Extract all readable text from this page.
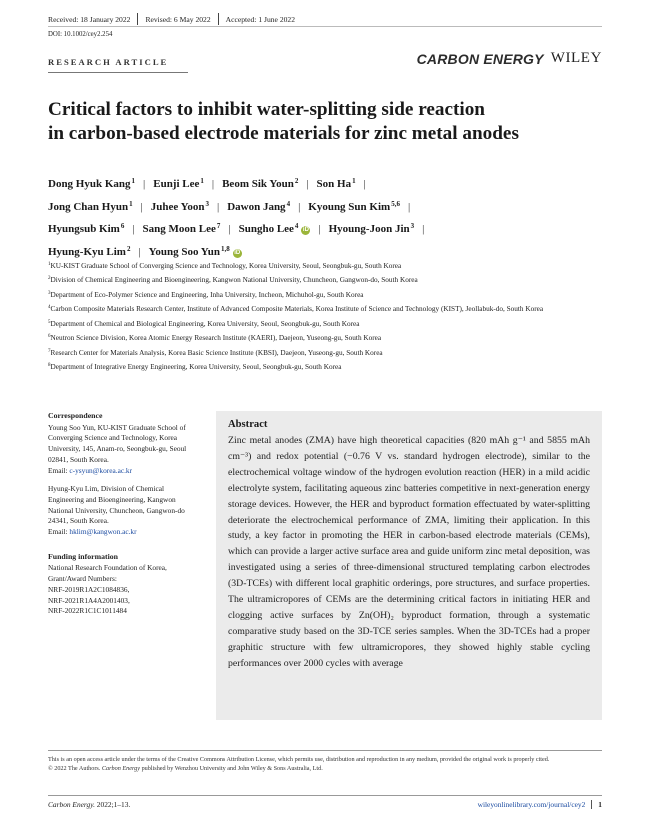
Received: 18 January 2022 Revised: 6 May 2022 Accepted: 1 June 2022
DOI: 10.1002/cey2.254
RESEARCH ARTICLE	CARBON ENERGY WILEY
Critical factors to inhibit water-splitting side reaction
in carbon-based electrode materials for zinc metal anodes
Dong Hyuk Kang$^1$ | Eunji Lee$^1$ | Beom Sik Youn$^2$ | Son Ha$^1$ |
Jong Chan Hyun$^1$ | Juhee Yoon$^3$ | Dawon Jang$^4$ | Kyoung Sun Kim$^{5,6}$ |
Hyungsub Kim$^6$ | Sang Moon Lee$^7$ | Sungho Lee$^4$ iD | Hyoung-Joon Jin$^3$ |
Hyung-Kyu Lim$^2$ | Young Soo Yun$^{1,8}$ iD
$^1$KU-KIST Graduate School of Converging Science and Technology, Korea University, Seoul, Seongbuk-gu, South Korea
$^2$Division of Chemical Engineering and Bioengineering, Kangwon National University, Chuncheon, Gangwon-do, South Korea
$^3$Department of Eco-Polymer Science and Engineering, Inha University, Incheon, Michuhol-gu, South Korea
$^4$Carbon Composite Materials Research Center, Institute of Advanced Composite Materials, Korea Institute of Science and Technology (KIST), Jeollabuk-do, South Korea
$^5$Department of Chemical and Biological Engineering, Korea University, Seoul, Seongbuk-gu, South Korea
$^6$Neutron Science Division, Korea Atomic Energy Research Institute (KAERI), Daejeon, Yuseong-gu, South Korea
$^7$Research Center for Materials Analysis, Korea Basic Science Institute (KBSI), Daejeon, Yuseong-gu, South Korea
$^8$Department of Integrative Energy Engineering, Korea University, Seoul, Seongbuk-gu, South Korea
Correspondence
Young Soo Yun, KU-KIST Graduate School of Converging Science and Technology, Korea University, 145, Anam-ro, Seongbuk-gu, Seoul 02841, South Korea.
Email: c-ysyun@korea.ac.kr
Hyung-Kyu Lim, Division of Chemical Engineering and Bioengineering, Kangwon National University, Chuncheon, Gangwon-do 24341, South Korea.
Email: hklim@kangwon.ac.kr
Funding information
National Research Foundation of Korea,
Grant/Award Numbers:
NRF-2019R1A2C1084836,
NRF-2021R1A4A2001403,
NRF-2022R1C1C1011484
Abstract
Zinc metal anodes (ZMA) have high theoretical capacities (820 mAh g⁻¹ and 5855 mAh cm⁻³) and redox potential (−0.76 V vs. standard hydrogen electrode), similar to the electrochemical voltage window of the hydrogen evolution reaction (HER) in a mild acidic electrolyte system, facilitating aqueous zinc batteries competitive in next-generation energy storage devices. However, the HER and byproduct formation effectuated by water-splitting deteriorate the electrochemical performance of ZMA, limiting their application. In this study, a key factor in promoting the HER in carbon-based electrode materials (CEMs), which can provide a larger active surface area and guide uniform zinc metal deposition, was investigated using a series of three-dimensional structured templating carbon electrodes (3D-TCEs) with different local graphitic orderings, pore structures, and surface properties. The ultramicropores of CEMs are the determining critical factors in initiating HER and clogging active surfaces by Zn(OH)₂ byproduct formation, through a systematic comparative study based on the 3D-TCE series samples. When the 3D-TCEs had a proper graphitic structure with few ultramicropores, they showed highly stable cycling performances over 2000 cycles with average

This is an open access article under the terms of the Creative Commons Attribution License, which permits use, distribution and reproduction in any medium, provided the original work is properly cited.

© 2022 The Authors. Carbon Energy published by Wenzhou University and John Wiley & Sons Australia, Ltd.

Carbon Energy. 2022;1–13.	wileyonlinelibrary.com/journal/cey2	1
